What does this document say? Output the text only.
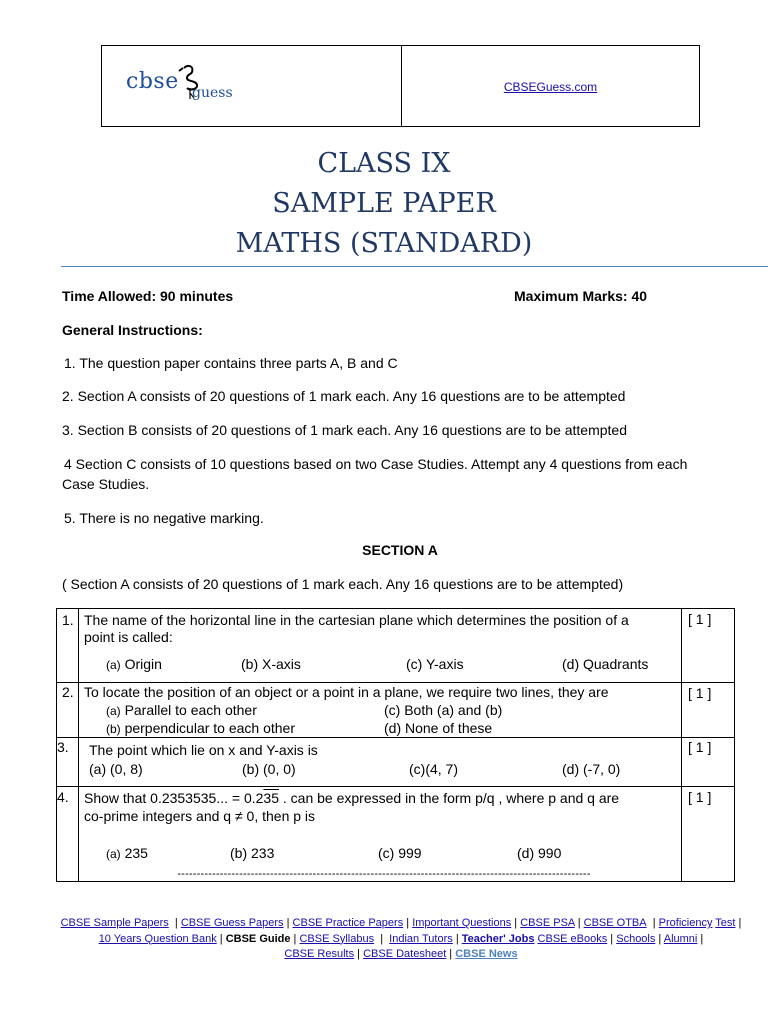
cbse guess	CBSEGuess.com
CLASS IX
SAMPLE PAPER
MATHS (STANDARD)
Time Allowed: 90 minutes	Maximum Marks: 40
General Instructions:
1. The question paper contains three parts A, B and C
2. Section A consists of 20 questions of 1 mark each. Any 16 questions are to be attempted
3. Section B consists of 20 questions of 1 mark each. Any 16 questions are to be attempted
4 Section C consists of 10 questions based on two Case Studies. Attempt any 4 questions from each
Case Studies.
5. There is no negative marking.
SECTION A
( Section A consists of 20 questions of 1 mark each. Any 16 questions are to be attempted)
1. The name of the horizontal line in the cartesian plane which determines the position of a
point is called:
(a) Origin	(b) X-axis	(c) Y-axis	(d) Quadrants
[ 1 ]
2. To locate the position of an object or a point in a plane, we require two lines, they are
(a) Parallel to each other	(c) Both (a) and (b)
(b) perpendicular to each other	(d) None of these
[ 1 ]
3. The point which lie on x and Y-axis is
(a) (0, 8)	(b) (0, 0)	(c)(4, 7)	(d) (-7, 0)
[ 1 ]
4. Show that 0.2353535... = 0.235 . can be expressed in the form p/q , where p and q are
co-prime integers and q ≠ 0, then p is
(a) 235	(b) 233	(c) 999	(d) 990
[ 1 ]
-----------------------------------------------------------------------------------------------------------
CBSE Sample Papers  | CBSE Guess Papers | CBSE Practice Papers | Important Questions | CBSE PSA | CBSE OTBA  | Proficiency Test | 10 Years Question Bank | CBSE Guide | CBSE Syllabus  |  Indian Tutors | Teacher' Jobs CBSE eBooks | Schools | Alumni |
CBSE Results | CBSE Datesheet | CBSE News
